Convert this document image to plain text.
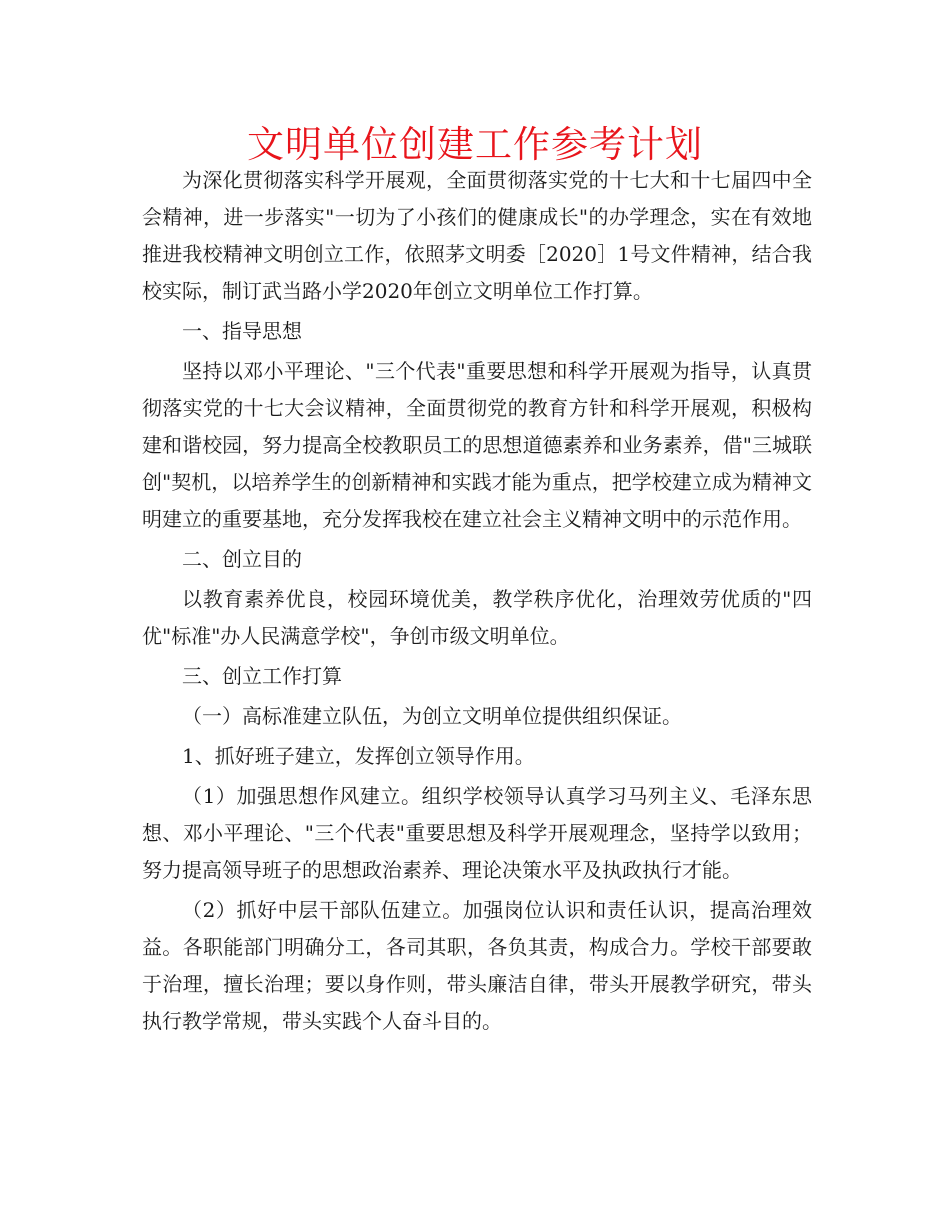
文明单位创建工作参考计划

为深化贯彻落实科学开展观，全面贯彻落实党的十七大和十七届四中全会精神，进一步落实"一切为了小孩们的健康成长"的办学理念，实在有效地推进我校精神文明创立工作，依照茅文明委［2020］1号文件精神，结合我校实际，制订武当路小学2020年创立文明单位工作打算。

一、指导思想

坚持以邓小平理论、"三个代表"重要思想和科学开展观为指导，认真贯彻落实党的十七大会议精神，全面贯彻党的教育方针和科学开展观，积极构建和谐校园，努力提高全校教职员工的思想道德素养和业务素养，借"三城联创"契机，以培养学生的创新精神和实践才能为重点，把学校建立成为精神文明建立的重要基地，充分发挥我校在建立社会主义精神文明中的示范作用。

二、创立目的

以教育素养优良，校园环境优美，教学秩序优化，治理效劳优质的"四优"标准"办人民满意学校"，争创市级文明单位。

三、创立工作打算

（一）高标准建立队伍，为创立文明单位提供组织保证。

1、抓好班子建立，发挥创立领导作用。

（1）加强思想作风建立。组织学校领导认真学习马列主义、毛泽东思想、邓小平理论、"三个代表"重要思想及科学开展观理念，坚持学以致用；努力提高领导班子的思想政治素养、理论决策水平及执政执行才能。

（2）抓好中层干部队伍建立。加强岗位认识和责任认识，提高治理效益。各职能部门明确分工，各司其职，各负其责，构成合力。学校干部要敢于治理，擅长治理；要以身作则，带头廉洁自律，带头开展教学研究，带头执行教学常规，带头实践个人奋斗目的。
